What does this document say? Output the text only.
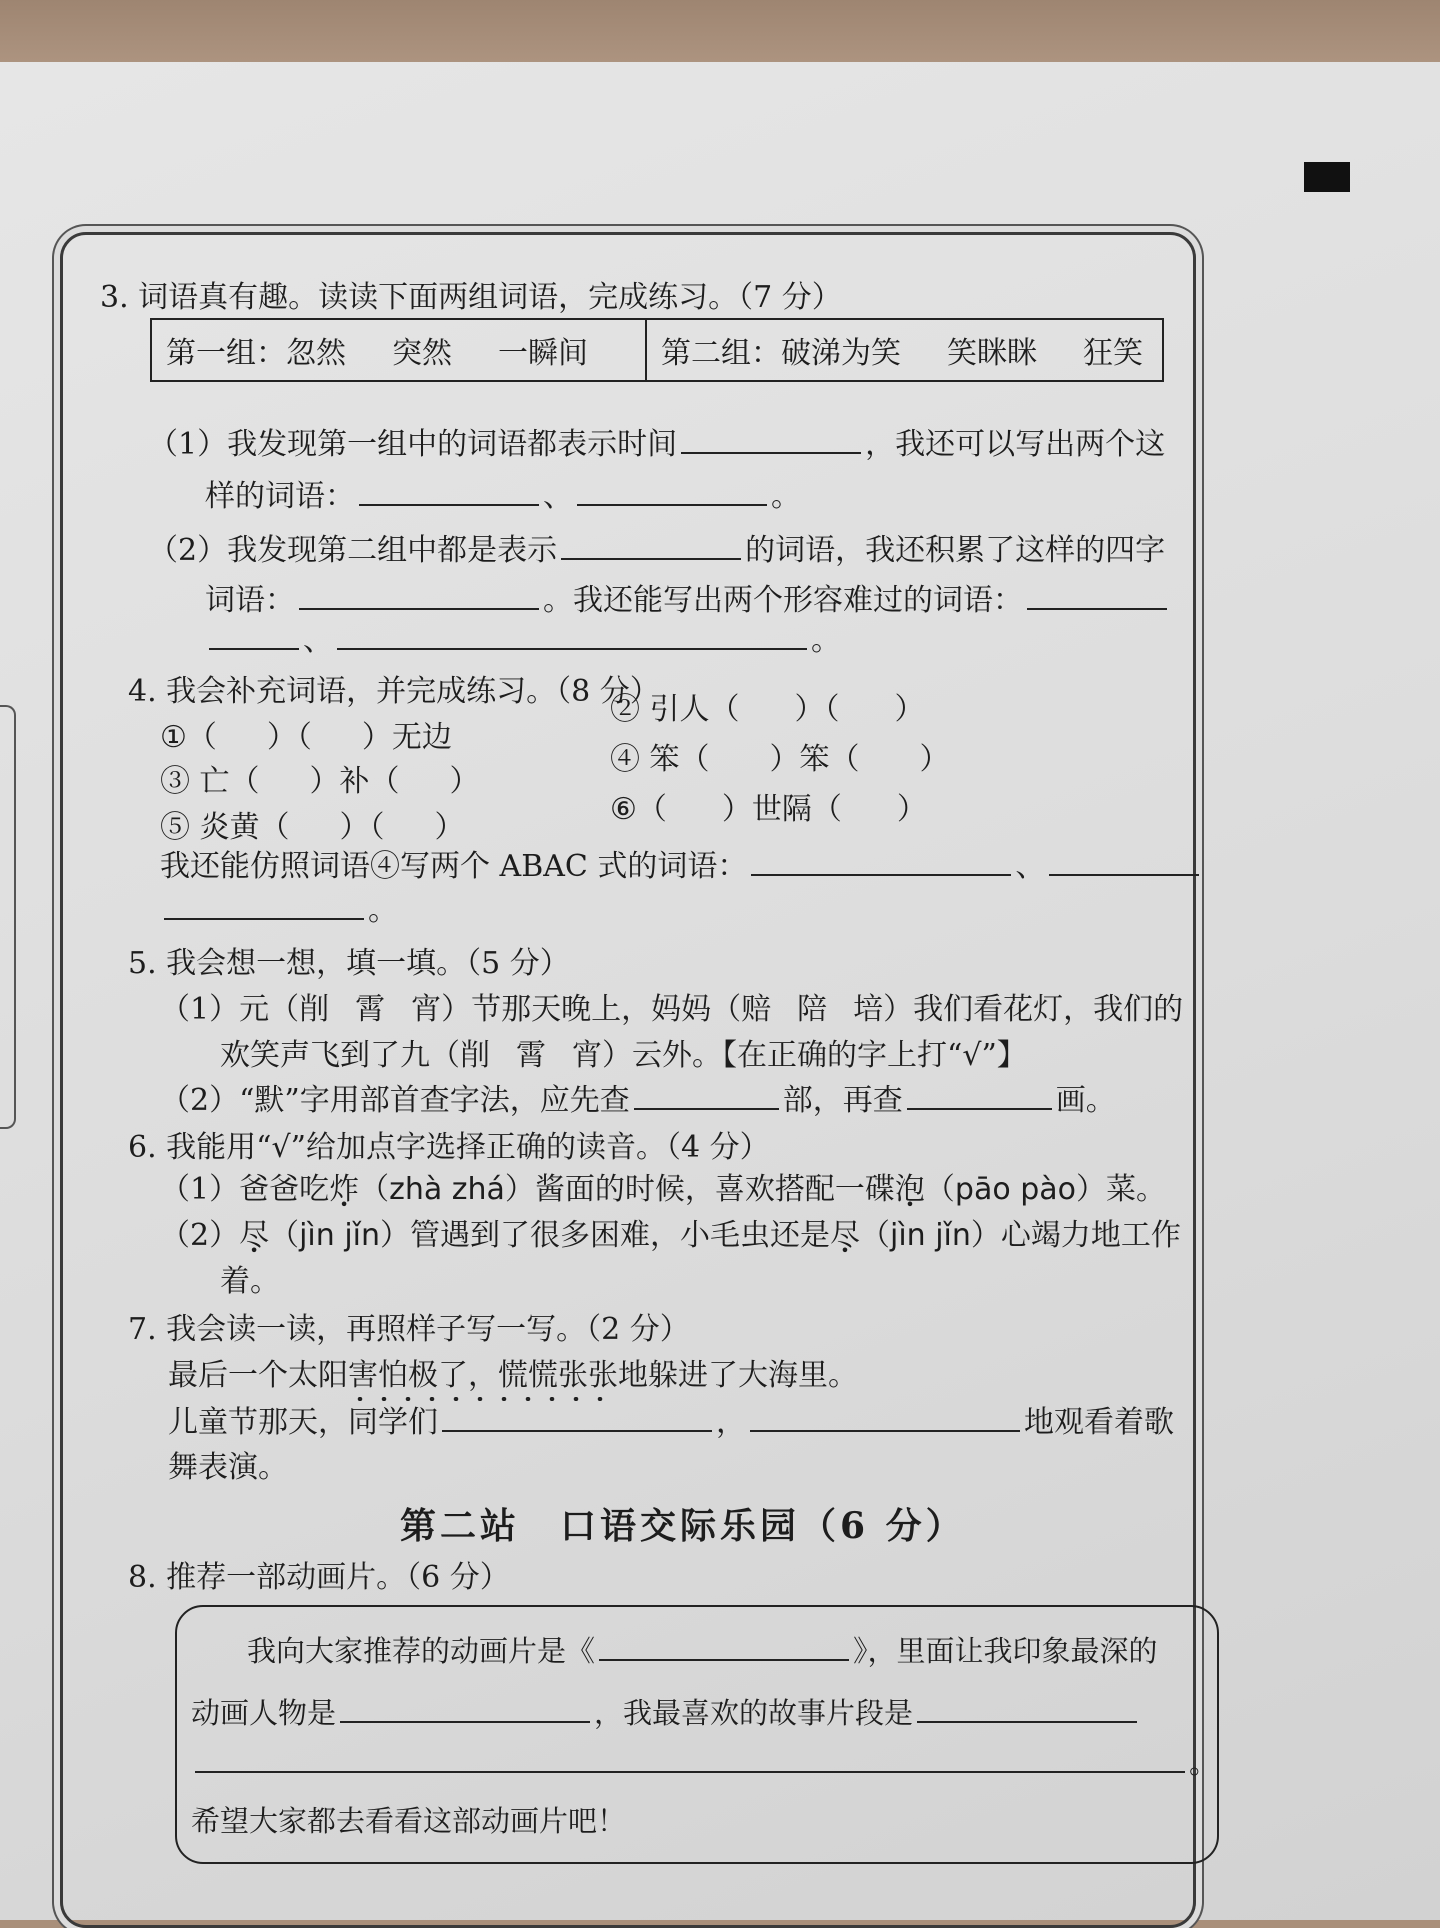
3. 词语真有趣。读读下面两组词语，完成练习。（7 分）
第一组：忽然 突然 一瞬间 第二组：破涕为笑 笑眯眯 狂笑
（1）我发现第一组中的词语都表示时间	，我还可以写出两个这
样的词语：	、	。
（2）我发现第二组中都是表示	的词语，我还积累了这样的四字
词语：	。我还能写出两个形容难过的词语：
、	。
4. 我会补充词语，并完成练习。（8 分）
①（ ）（ ）无边
② 引人（ ）（ ）
③ 亡（ ）补（ ）
④ 笨（ ）笨（ ）
⑤ 炎黄（ ）（ ）
⑥（ ）世隔（ ）
我还能仿照词语④写两个 ABAC 式的词语：	、
。
5. 我会想一想，填一填。（5 分）
（1）元（削 霄 宵）节那天晚上，妈妈（赔 陪 培）我们看花灯，我们的
欢笑声飞到了九（削 霄 宵）云外。【在正确的字上打“√”】
（2）“默”字用部首查字法，应先查	部，再查	画。
6. 我能用“√”给加点字选择正确的读音。（4 分）
（1）爸爸吃炸（zhà zhá）酱面的时候，喜欢搭配一碟泡（pāo pào）菜。
（2）尽（jìn jǐn）管遇到了很多困难，小毛虫还是尽（jìn jǐn）心竭力地工作
着。
7. 我会读一读，再照样子写一写。（2 分）
最后一个太阳害怕极了，慌慌张张地躲进了大海里。
儿童节那天，同学们	，	地观看着歌
舞表演。
第二站　口语交际乐园（6 分）
8. 推荐一部动画片。（6 分）
我向大家推荐的动画片是《	》，里面让我印象最深的
动画人物是	，我最喜欢的故事片段是
。
希望大家都去看看这部动画片吧！
